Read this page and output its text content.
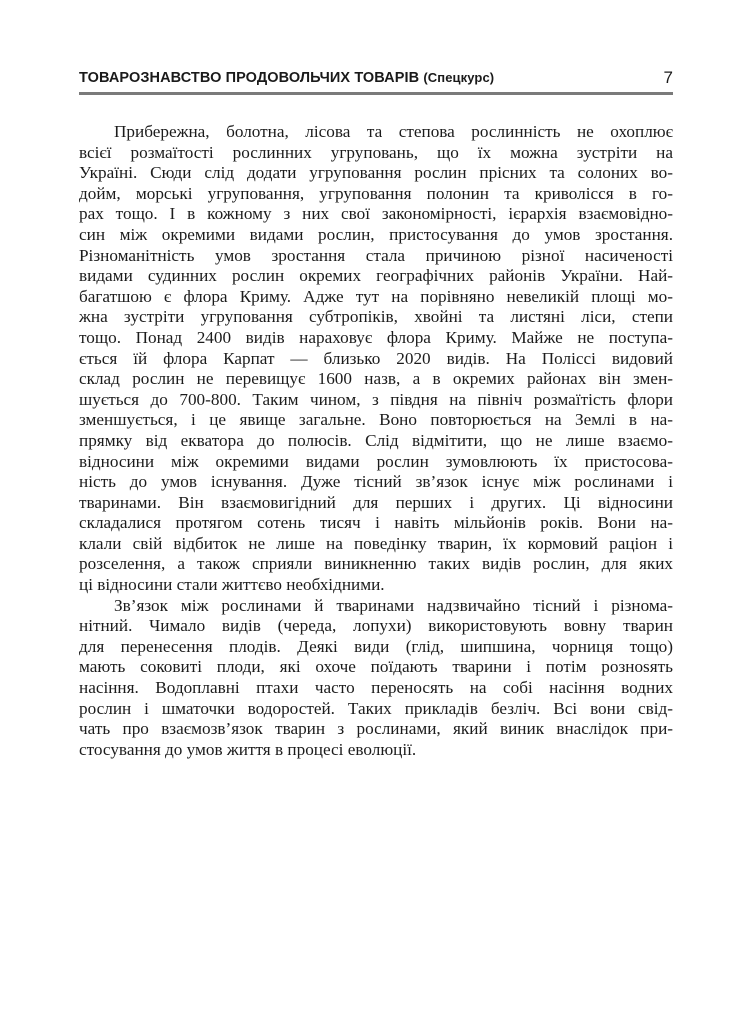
ТОВАРОЗНАВСТВО ПРОДОВОЛЬЧИХ ТОВАРІВ (Спецкурс)	7
Прибережна, болотна, лісова та степова рослинність не охоплює
всієї розмаїтості рослинних угруповань, що їх можна зустріти на
Україні. Сюди слід додати угруповання рослин прісних та солоних во-
дойм, морські угруповання, угруповання полонин та криволісся в го-
рах тощо. І в кожному з них свої закономірності, ієрархія взаємовідно-
син між окремими видами рослин, пристосування до умов зростання.
Різноманітність умов зростання стала причиною різної насиченості
видами судинних рослин окремих географічних районів України. Най-
багатшою є флора Криму. Адже тут на порівняно невеликій площі мо-
жна зустріти угруповання субтропіків, хвойні та листяні ліси, степи
тощо. Понад 2400 видів нараховує флора Криму. Майже не поступа-
ється їй флора Карпат — близько 2020 видів. На Поліссі видовий
склад рослин не перевищує 1600 назв, а в окремих районах він змен-
шується до 700-800. Таким чином, з півдня на північ розмаїтість флори
зменшується, і це явище загальне. Воно повторюється на Землі в на-
прямку від екватора до полюсів. Слід відмітити, що не лише взаємо-
відносини між окремими видами рослин зумовлюють їх пристосова-
ність до умов існування. Дуже тісний зв’язок існує між рослинами і
тваринами. Він взаємовигідний для перших і других. Ці відносини
складалися протягом сотень тисяч і навіть мільйонів років. Вони на-
клали свій відбиток не лише на поведінку тварин, їх кормовий раціон і
розселення, а також сприяли виникненню таких видів рослин, для яких
ці відносини стали життєво необхідними.
Зв’язок між рослинами й тваринами надзвичайно тісний і різнома-
нітний. Чимало видів (череда, лопухи) використовують вовну тварин
для перенесення плодів. Деякі види (глід, шипшина, чорниця тощо)
мають соковиті плоди, які охоче поїдають тварини і потім рознosять
насіння. Водоплавні птахи часто переносять на собі насіння водних
рослин і шматочки водоростей. Таких прикладів безліч. Всі вони свід-
чать про взаємозв’язок тварин з рослинами, який виник внаслідок при-
стосування до умов життя в процесі еволюції.
